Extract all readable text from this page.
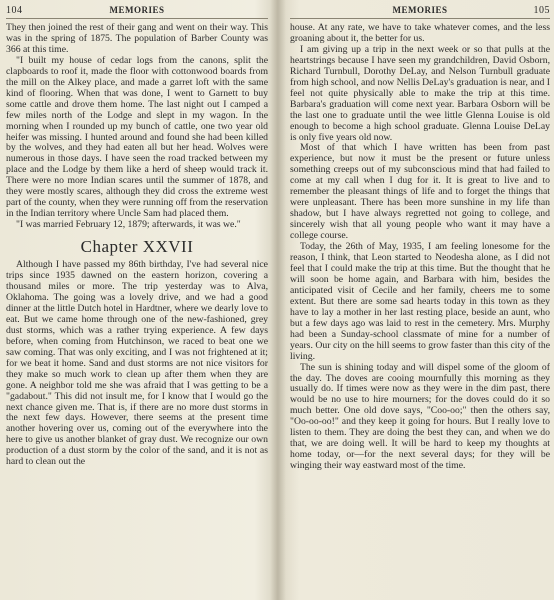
104	MEMORIES

They then joined the rest of their gang and went on their way. This was in the spring of 1875. The population of Barber County was 366 at this time.

"I built my house of cedar logs from the canons, split the clapboards to roof it, made the floor with cottonwood boards from the mill on the Alkey place, and made a garret loft with the same kind of flooring. When that was done, I went to Garnett to buy some cattle and drove them home. The last night out I camped a few miles north of the Lodge and slept in my wagon. In the morning when I rounded up my bunch of cattle, one two year old heifer was missing. I hunted around and found she had been killed by the wolves, and they had eaten all but her head. Wolves were numerous in those days. I have seen the road tracked between my place and the Lodge by them like a herd of sheep would track it. There were no more Indian scares until the summer of 1878, and they were mostly scares, although they did cross the extreme west part of the county, when they were running off from the reservation in the Indian territory where Uncle Sam had placed them.

"I was married February 12, 1879; afterwards, it was we."

Chapter XXVII

Although I have passed my 86th birthday, I've had several nice trips since 1935 dawned on the eastern horizon, covering a thousand miles or more. The trip yesterday was to Alva, Oklahoma. The going was a lovely drive, and we had a good dinner at the little Dutch hotel in Hardtner, where we dearly love to eat. But we came home through one of the new-fashioned, grey dust storms, which was a rather trying experience. A few days before, when coming from Hutchinson, we raced to beat one we saw coming. That was only exciting, and I was not frightened at it; for we beat it home. Sand and dust storms are not nice visitors for they make so much work to clean up after them when they are gone. A neighbor told me she was afraid that I was getting to be a "gadabout." This did not insult me, for I know that I would go the next chance given me. That is, if there are no more dust storms in the next few days. However, there seems at the present time another hovering over us, coming out of the everywhere into the here to give us another blanket of gray dust. We recognize our own production of a dust storm by the color of the sand, and it is not as hard to clean out the

MEMORIES	105

house. At any rate, we have to take whatever comes, and the less groaning about it, the better for us.

I am giving up a trip in the next week or so that pulls at the heartstrings because I have seen my grandchildren, David Osborn, Richard Turnbull, Dorothy DeLay, and Nelson Turnbull graduate from high school, and now Nellis DeLay's graduation is near, and I feel not quite physically able to make the trip at this time. Barbara's graduation will come next year. Barbara Osborn will be the last one to graduate until the wee little Glenna Louise is old enough to become a high school graduate. Glenna Louise DeLay is only five years old now.

Most of that which I have written has been from past experience, but now it must be the present or future unless something creeps out of my subconscious mind that had failed to come at my call when I dug for it. It is great to live and to remember the pleasant things of life and to forget the things that were unpleasant. There has been more sunshine in my life than shadow, but I have always regretted not going to college, and sincerely wish that all young people who want it may have a college course.

Today, the 26th of May, 1935, I am feeling lonesome for the reason, I think, that Leon started to Neodesha alone, as I did not feel that I could make the trip at this time. But the thought that he will soon be home again, and Barbara with him, besides the anticipated visit of Cecile and her family, cheers me to some extent. But there are some sad hearts today in this town as they have to lay a mother in her last resting place, beside an aunt, who but a few days ago was laid to rest in the cemetery. Mrs. Murphy had been a Sunday-school classmate of mine for a number of years. Our city on the hill seems to grow faster than this city of the living.

The sun is shining today and will dispel some of the gloom of the day. The doves are cooing mournfully this morning as they usually do. If times were now as they were in the dim past, there would be no use to hire mourners; for the doves could do it so much better. One old dove says, "Coo-oo;" then the others say, "Oo-oo-oo!" and they keep it going for hours. But I really love to listen to them. They are doing the best they can, and when we do that, we are doing well. It will be hard to keep my thoughts at home today, or—for the next several days; for they will be winging their way eastward most of the time.
